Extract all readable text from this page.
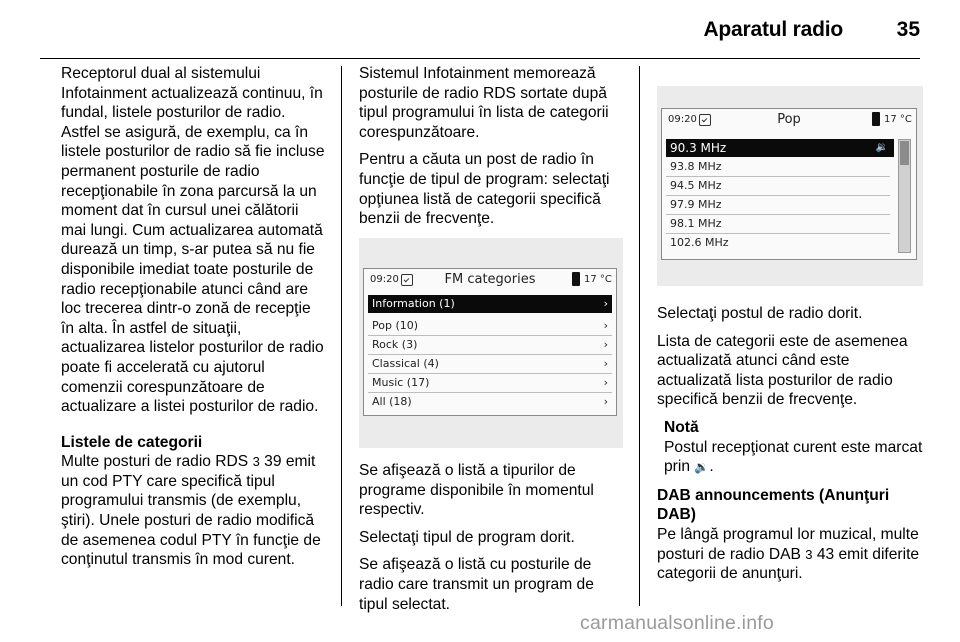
Aparatul radio	35

Receptorul dual al sistemului Infotainment actualizează continuu, în fundal, listele posturilor de radio. Astfel se asigură, de exemplu, ca în listele posturilor de radio să fie incluse permanent posturile de radio recepţionabile în zona parcursă la un moment dat în cursul unei călătorii mai lungi. Cum actualizarea automată durează un timp, s-ar putea să nu fie disponibile imediat toate posturile de radio recepţionabile atunci când are loc trecerea dintr-o zonă de recepţie în alta. În astfel de situaţii, actualizarea listelor posturilor de radio poate fi accelerată cu ajutorul comenzii corespunzătoare de actualizare a listei posturilor de radio.

Listele de categorii

Multe posturi de radio RDS 3 39 emit un cod PTY care specifică tipul programului transmis (de exemplu, ştiri). Unele posturi de radio modifică de asemenea codul PTY în funcţie de conţinutul transmis în mod curent.

Sistemul Infotainment memorează posturile de radio RDS sortate după tipul programului în lista de categorii corespunzătoare.

Pentru a căuta un post de radio în funcţie de tipul de program: selectaţi opţiunea listă de categorii specifică benzii de frecvenţe.

09:20	FM categories	17 °C
Information (1)	›
Pop (10)	›
Rock (3)	›
Classical (4)	›
Music (17)	›
All (18)	›

Se afişează o listă a tipurilor de programe disponibile în momentul respectiv.

Selectaţi tipul de program dorit.

Se afişează o listă cu posturile de radio care transmit un program de tipul selectat.

09:20	Pop	17 °C
90.3 MHz	🔉
93.8 MHz
94.5 MHz
97.9 MHz
98.1 MHz
102.6 MHz

Selectaţi postul de radio dorit.

Lista de categorii este de asemenea actualizată atunci când este actualizată lista posturilor de radio specifică benzii de frecvenţe.

Notă
Postul recepţionat curent este marcat prin 🔉.

DAB announcements (Anunţuri DAB)

Pe lângă programul lor muzical, multe posturi de radio DAB 3 43 emit diferite categorii de anunţuri.

carmanualsonline.info
